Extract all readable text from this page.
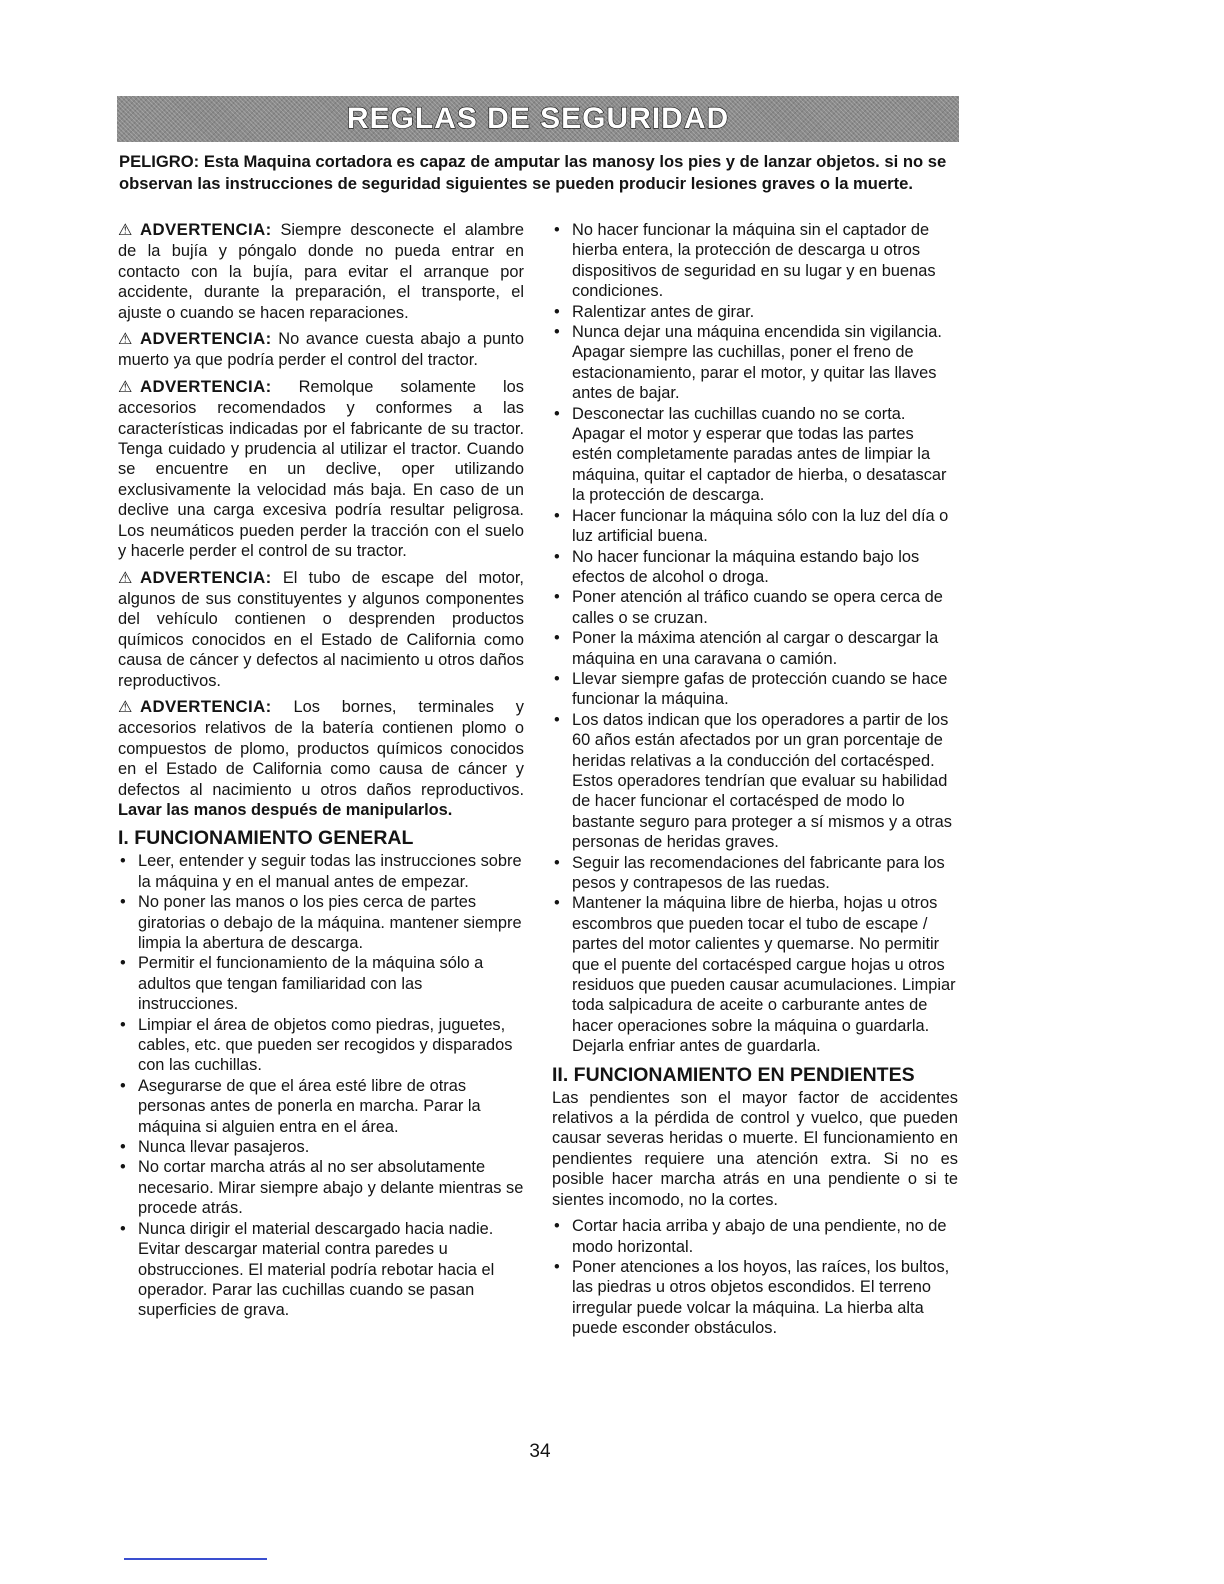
REGLAS DE SEGURIDAD
PELIGRO: Esta Maquina cortadora es capaz de amputar las manosy los pies y de lanzar objetos. si no se observan las instrucciones de seguridad siguientes se pueden producir lesiones graves o la muerte.
⚠ ADVERTENCIA: Siempre desconecte el alambre de la bujía y póngalo donde no pueda entrar en contacto con la bujía, para evitar el arranque por accidente, durante la preparación, el transporte, el ajuste o cuando se hacen reparaciones.
⚠ ADVERTENCIA: No avance cuesta abajo a punto muerto ya que podría perder el control del tractor.
⚠ ADVERTENCIA: Remolque solamente los accesorios recomendados y conformes a las características indicadas por el fabricante de su tractor. Tenga cuidado y prudencia al utilizar el tractor. Cuando se encuentre en un declive, oper utilizando exclusivamente la velocidad más baja. En caso de un declive una carga excesiva podría resultar peligrosa. Los neumáticos pueden perder la tracción con el suelo y hacerle perder el control de su tractor.
⚠ ADVERTENCIA: El tubo de escape del motor, algunos de sus constituyentes y algunos componentes del vehículo contienen o desprenden productos químicos conocidos en el Estado de California como causa de cáncer y defectos al nacimiento u otros daños reproductivos.
⚠ ADVERTENCIA: Los bornes, terminales y accesorios relativos de la batería contienen plomo o compuestos de plomo, productos químicos conocidos en el Estado de California como causa de cáncer y defectos al nacimiento u otros daños reproductivos. Lavar las manos después de manipularlos.
I. FUNCIONAMIENTO GENERAL
• Leer, entender y seguir todas las instrucciones sobre la máquina y en el manual antes de empezar.
• No poner las manos o los pies cerca de partes giratorias o debajo de la máquina. mantener siempre limpia la abertura de descarga.
• Permitir el funcionamiento de la máquina sólo a adultos que tengan familiaridad con las instrucciones.
• Limpiar el área de objetos como piedras, juguetes, cables, etc. que pueden ser recogidos y disparados con las cuchillas.
• Asegurarse de que el área esté libre de otras personas antes de ponerla en marcha. Parar la máquina si alguien entra en el área.
• Nunca llevar pasajeros.
• No cortar marcha atrás al no ser absolutamente necesario. Mirar siempre abajo y delante mientras se procede atrás.
• Nunca dirigir el material descargado hacia nadie. Evitar descargar material contra paredes u obstrucciones. El material podría rebotar hacia el operador. Parar las cuchillas cuando se pasan superficies de grava.
• No hacer funcionar la máquina sin el captador de hierba entera, la protección de descarga u otros dispositivos de seguridad en su lugar y en buenas condiciones.
• Ralentizar antes de girar.
• Nunca dejar una máquina encendida sin vigilancia. Apagar siempre las cuchillas, poner el freno de estacionamiento, parar el motor, y quitar las llaves antes de bajar.
• Desconectar las cuchillas cuando no se corta. Apagar el motor y esperar que todas las partes estén completamente paradas antes de limpiar la máquina, quitar el captador de hierba, o desatascar la protección de descarga.
• Hacer funcionar la máquina sólo con la luz del día o luz artificial buena.
• No hacer funcionar la máquina estando bajo los efectos de alcohol o droga.
• Poner atención al tráfico cuando se opera cerca de calles o se cruzan.
• Poner la máxima atención al cargar o descargar la máquina en una caravana o camión.
• Llevar siempre gafas de protección cuando se hace funcionar la máquina.
• Los datos indican que los operadores a partir de los 60 años están afectados por un gran porcentaje de heridas relativas a la conducción del cortacésped. Estos operadores tendrían que evaluar su habilidad de hacer funcionar el cortacésped de modo lo bastante seguro para proteger a sí mismos y a otras personas de heridas graves.
• Seguir las recomendaciones del fabricante para los pesos y contrapesos de las ruedas.
• Mantener la máquina libre de hierba, hojas u otros escombros que pueden tocar el tubo de escape / partes del motor calientes y quemarse. No permitir que el puente del cortacésped cargue hojas u otros residuos que pueden causar acumulaciones. Limpiar toda salpicadura de aceite o carburante antes de hacer operaciones sobre la máquina o guardarla. Dejarla enfriar antes de guardarla.
II. FUNCIONAMIENTO EN PENDIENTES
Las pendientes son el mayor factor de accidentes relativos a la pérdida de control y vuelco, que pueden causar severas heridas o muerte. El funcionamiento en pendientes requiere una atención extra. Si no es posible hacer marcha atrás en una pendiente o si te sientes incomodo, no la cortes.
• Cortar hacia arriba y abajo de una pendiente, no de modo horizontal.
• Poner atenciones a los hoyos, las raíces, los bultos, las piedras u otros objetos escondidos. El terreno irregular puede volcar la máquina. La hierba alta puede esconder obstáculos.
34
